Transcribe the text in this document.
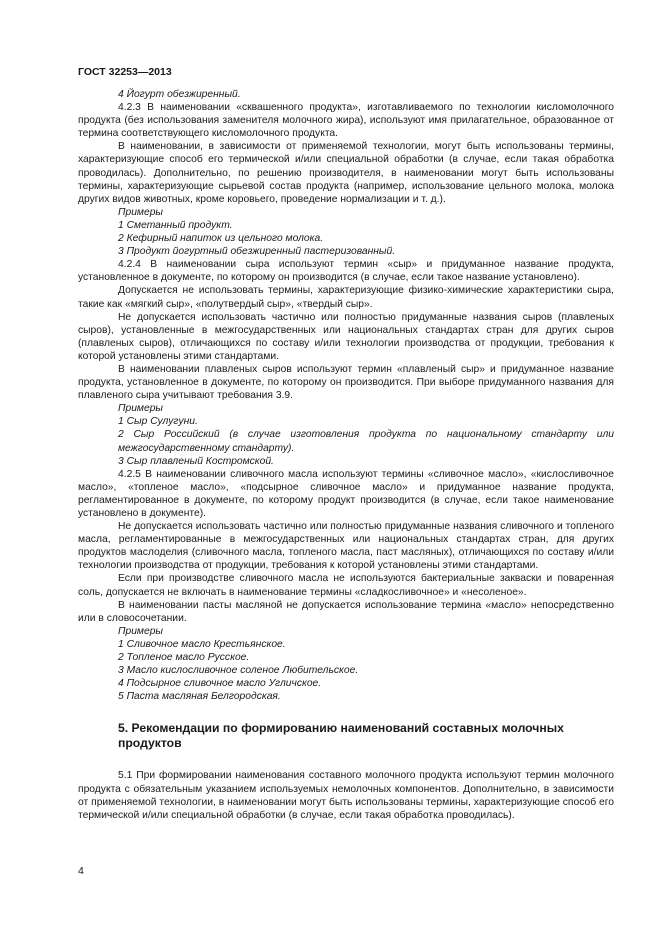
ГОСТ 32253—2013

4 Йогурт обезжиренный.

4.2.3 В наименовании «сквашенного продукта», изготавливаемого по технологии кисломолочного продукта (без использования заменителя молочного жира), используют имя прилагательное, образованное от термина соответствующего кисломолочного продукта.

В наименовании, в зависимости от применяемой технологии, могут быть использованы термины, характеризующие способ его термической и/или специальной обработки (в случае, если такая обработка проводилась). Дополнительно, по решению производителя, в наименовании могут быть использованы термины, характеризующие сырьевой состав продукта (например, использование цельного молока, молока других видов животных, кроме коровьего, проведение нормализации и т. д.).

Примеры

1 Сметанный продукт.

2 Кефирный напиток из цельного молока.

3 Продукт йогуртный обезжиренный пастеризованный.

4.2.4 В наименовании сыра используют термин «сыр» и придуманное название продукта, установленное в документе, по которому он производится (в случае, если такое название установлено).

Допускается не использовать термины, характеризующие физико-химические характеристики сыра, такие как «мягкий сыр», «полутвердый сыр», «твердый сыр».

Не допускается использовать частично или полностью придуманные названия сыров (плавленых сыров), установленные в межгосударственных или национальных стандартах стран для других сыров (плавленых сыров), отличающихся по составу и/или технологии производства от продукции, требования к которой установлены этими стандартами.

В наименовании плавленых сыров используют термин «плавленый сыр» и придуманное название продукта, установленное в документе, по которому он производится. При выборе придуманного названия для плавленого сыра учитывают требования 3.9.

Примеры

1 Сыр Сулугуни.

2 Сыр Российский (в случае изготовления продукта по национальному стандарту или межгосударственному стандарту).

3 Сыр плавленый Костромской.

4.2.5 В наименовании сливочного масла используют термины «сливочное масло», «кислосливочное масло», «топленое масло», «подсырное сливочное масло» и придуманное название продукта, регламентированное в документе, по которому продукт производится (в случае, если такое наименование установлено в документе).

Не допускается использовать частично или полностью придуманные названия сливочного и топленого масла, регламентированные в межгосударственных или национальных стандартах стран, для других продуктов маслоделия (сливочного масла, топленого масла, паст масляных), отличающихся по составу и/или технологии производства от продукции, требования к которой установлены этими стандартами.

Если при производстве сливочного масла не используются бактериальные закваски и поваренная соль, допускается не включать в наименование термины «сладкосливочное» и «несоленое».

В наименовании пасты масляной не допускается использование термина «масло» непосредственно или в словосочетании.

Примеры

1 Сливочное масло Крестьянское.

2 Топленое масло Русское.

3 Масло кислосливочное соленое Любительское.

4 Подсырное сливочное масло Угличское.

5 Паста масляная Белгородская.

5. Рекомендации по формированию наименований составных молочных продуктов

5.1 При формировании наименования составного молочного продукта используют термин молочного продукта с обязательным указанием используемых немолочных компонентов. Дополнительно, в зависимости от применяемой технологии, в наименовании могут быть использованы термины, характеризующие способ его термической и/или специальной обработки (в случае, если такая обработка проводилась).

4
